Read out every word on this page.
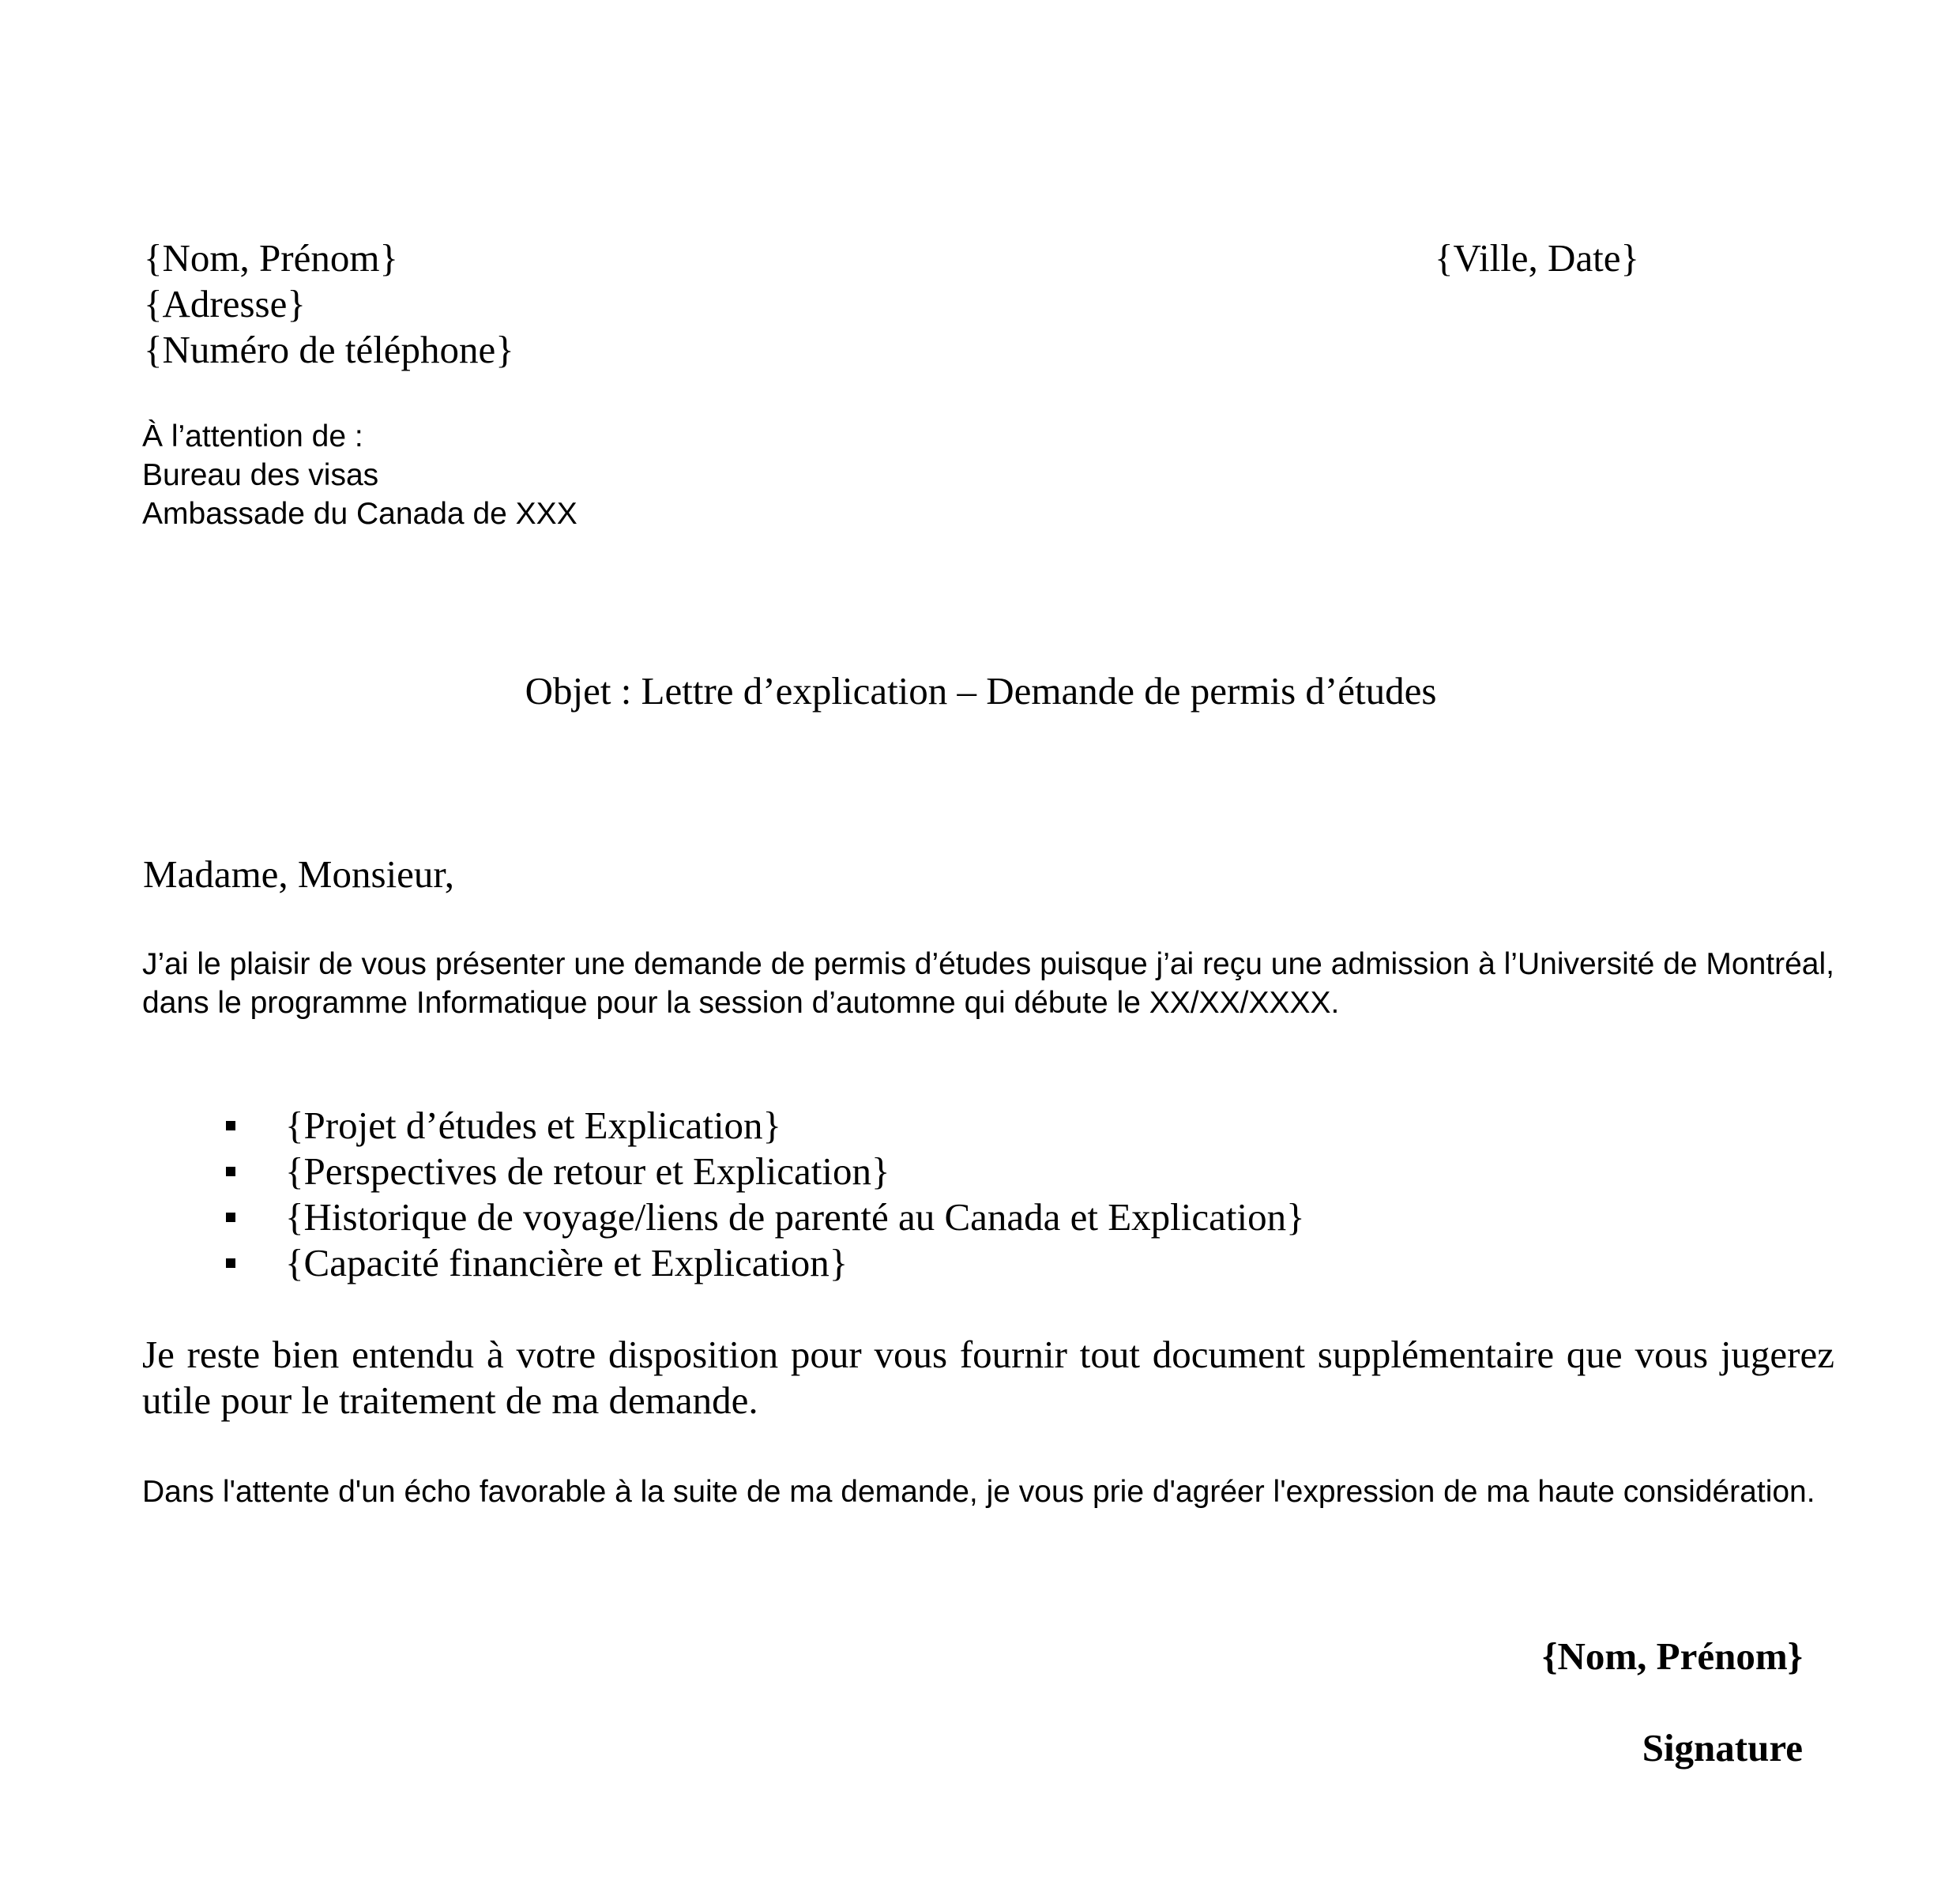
{Nom, Prénom}
{Adresse}
{Numéro de téléphone}
{Ville, Date}
À l’attention de :
Bureau des visas
Ambassade du Canada de XXX
Objet : Lettre d’explication – Demande de permis d’études
Madame, Monsieur,

J’ai le plaisir de vous présenter une demande de permis d’études puisque j’ai reçu une admission à l’Université de Montréal, dans le programme Informatique pour la session d’automne qui débute le XX/XX/XXXX.

{Projet d’études et Explication}
{Perspectives de retour et Explication}
{Historique de voyage/liens de parenté au Canada et Explication}
{Capacité financière et Explication}

Je reste bien entendu à votre disposition pour vous fournir tout document supplémentaire que vous jugerez utile pour le traitement de ma demande.

Dans l'attente d'un écho favorable à la suite de ma demande, je vous prie d'agréer l'expression de ma haute considération.

{Nom, Prénom}
Signature
